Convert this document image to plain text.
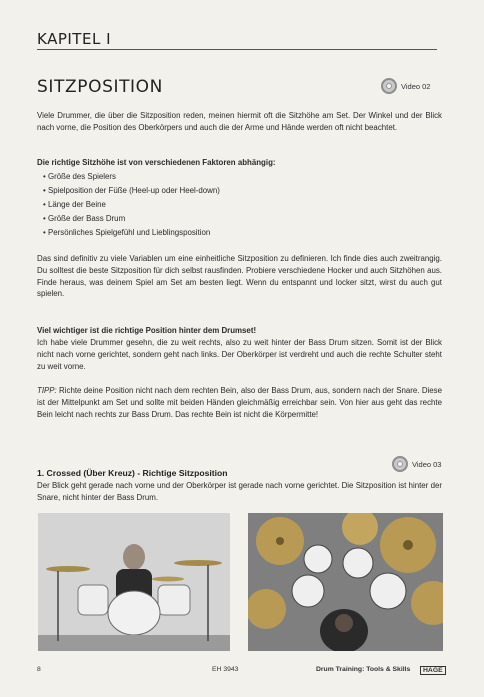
KAPITEL I
SITZPOSITION	Video 02

Viele Drummer, die über die Sitzposition reden, meinen hiermit oft die Sitzhöhe am Set. Der Winkel und der Blick nach vorne, die Position des Oberkörpers und auch die der Arme und Hände werden oft nicht beachtet.

Die richtige Sitzhöhe ist von verschiedenen Faktoren abhängig:

• Größe des Spielers
• Spielposition der Füße (Heel-up oder Heel-down)
• Länge der Beine
• Größe der Bass Drum
• Persönliches Spielgefühl und Lieblingsposition

Das sind definitiv zu viele Variablen um eine einheitliche Sitzposition zu definieren. Ich finde dies auch zweitrangig. Du solltest die beste Sitzposition für dich selbst rausfinden. Probiere verschiedene Hocker und auch Sitzhöhen aus. Finde heraus, was deinem Spiel am Set am besten liegt. Wenn du entspannt und locker sitzt, wirst du auch gut spielen.

Viel wichtiger ist die richtige Position hinter dem Drumset!

Ich habe viele Drummer gesehn, die zu weit rechts, also zu weit hinter der Bass Drum sitzen. Somit ist der Blick nicht nach vorne gerichtet, sondern geht nach links. Der Oberkörper ist verdreht und auch die rechte Schulter steht zu weit vorne.

TIPP: Richte deine Position nicht nach dem rechten Bein, also der Bass Drum, aus, sondern nach der Snare. Diese ist der Mittelpunkt am Set und sollte mit beiden Händen gleichmäßig erreichbar sein. Von hier aus geht das rechte Bein leicht nach rechts zur Bass Drum. Das rechte Bein ist nicht die Körpermitte!

Video 03
1. Crossed (Über Kreuz) - Richtige Sitzposition

Der Blick geht gerade nach vorne und der Oberkörper ist gerade nach vorne gerichtet. Die Sitzposition ist hinter der Snare, nicht hinter der Bass Drum.

8	EH 3943	Drum Training: Tools & Skills	HAGE
